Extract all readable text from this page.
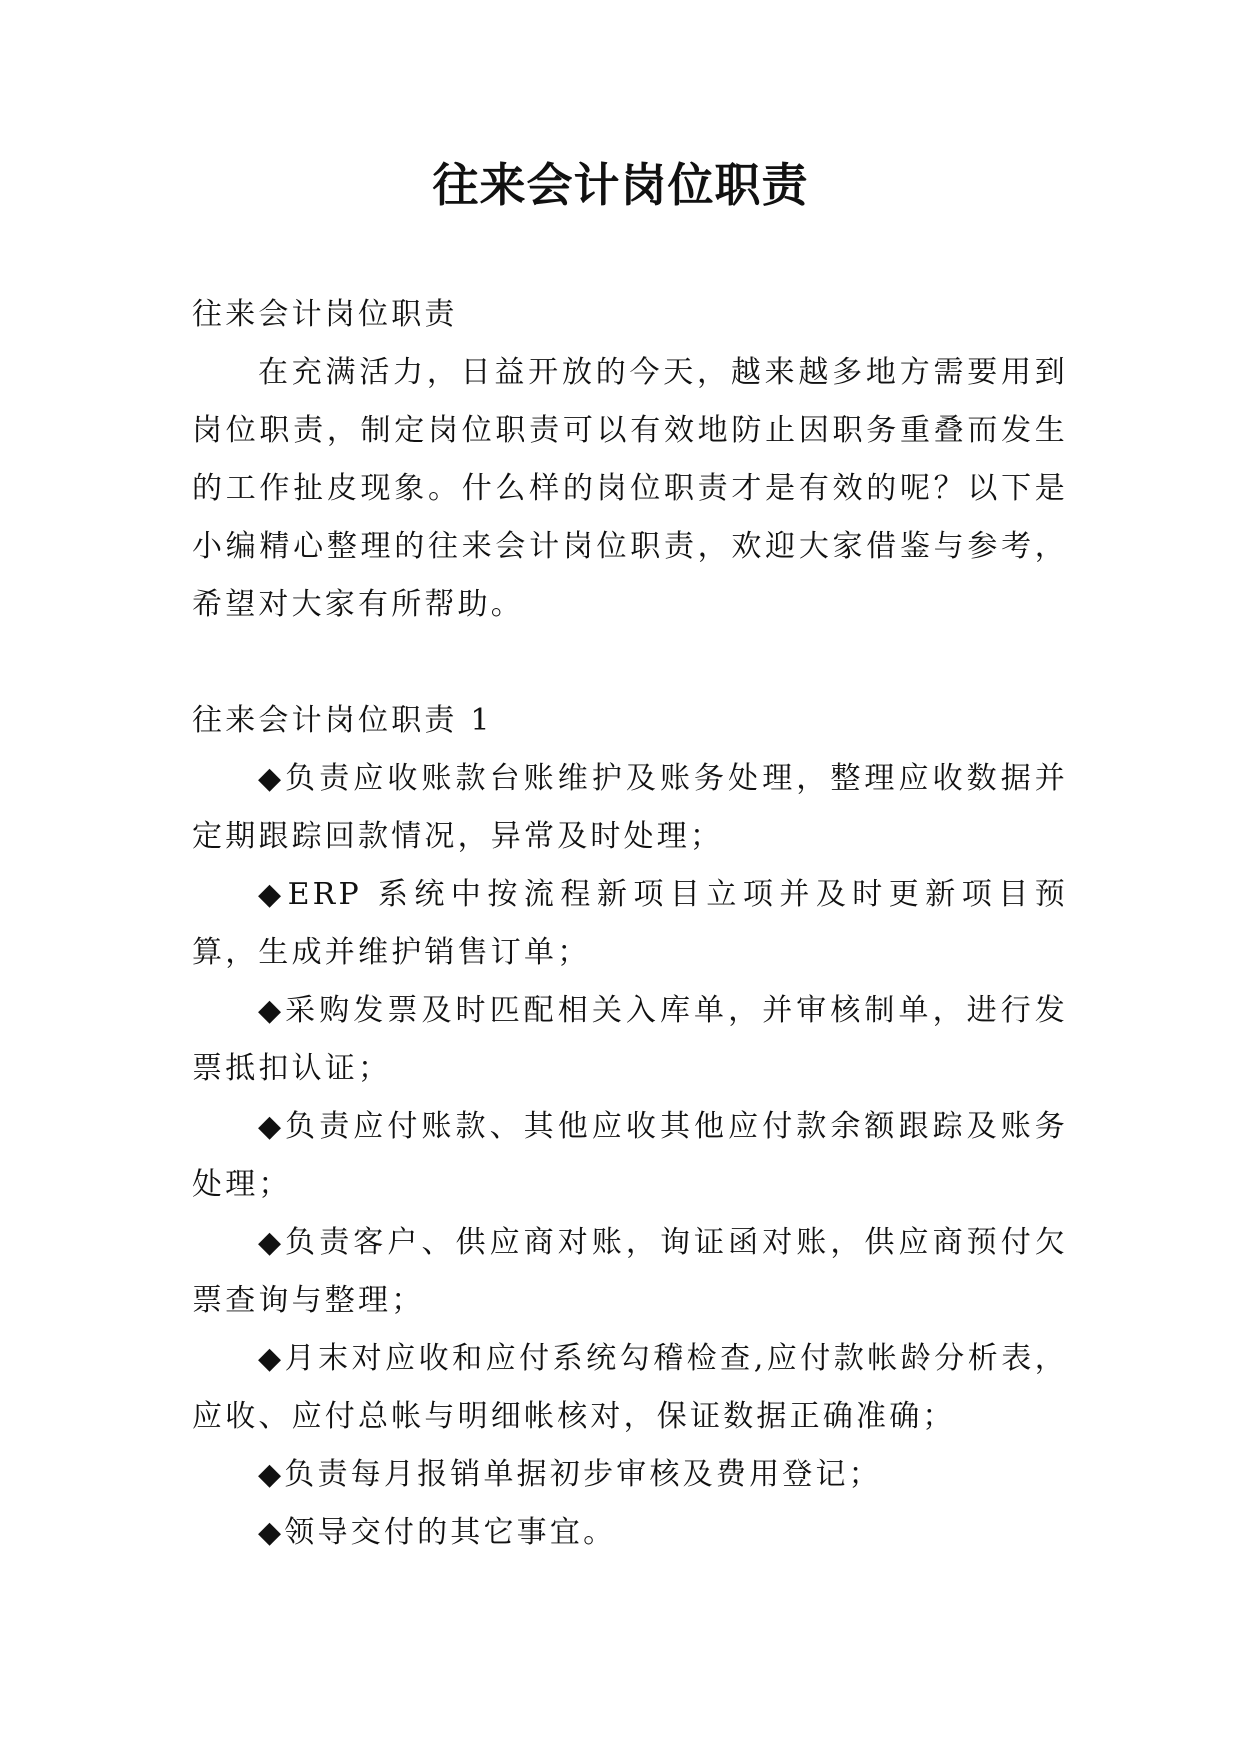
往来会计岗位职责

往来会计岗位职责

在充满活力，日益开放的今天，越来越多地方需要用到岗位职责，制定岗位职责可以有效地防止因职务重叠而发生的工作扯皮现象。什么样的岗位职责才是有效的呢？以下是小编精心整理的往来会计岗位职责，欢迎大家借鉴与参考，希望对大家有所帮助。

往来会计岗位职责 1

◆负责应收账款台账维护及账务处理，整理应收数据并定期跟踪回款情况，异常及时处理；

◆ERP 系统中按流程新项目立项并及时更新项目预算，生成并维护销售订单；

◆采购发票及时匹配相关入库单，并审核制单，进行发票抵扣认证；

◆负责应付账款、其他应收其他应付款余额跟踪及账务处理；

◆负责客户、供应商对账，询证函对账，供应商预付欠票查询与整理；

◆月末对应收和应付系统勾稽检查,应付款帐龄分析表，应收、应付总帐与明细帐核对，保证数据正确准确；

◆负责每月报销单据初步审核及费用登记；

◆领导交付的其它事宜。
